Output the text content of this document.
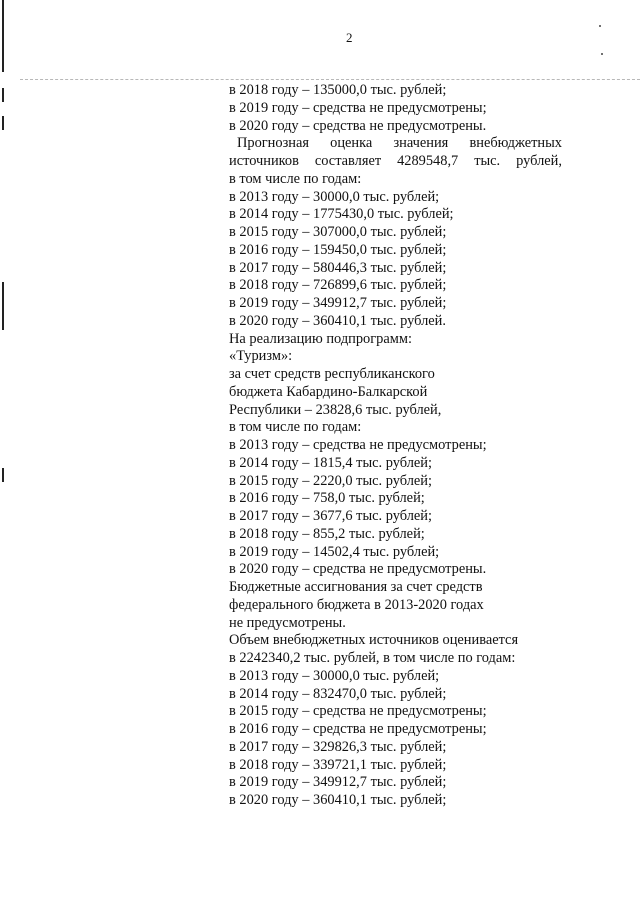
2
в 2018 году – 135000,0 тыс. рублей;
в 2019 году – средства не предусмотрены;
в 2020 году – средства не предусмотрены.
Прогнозная оценка значения внебюджетных
источников составляет 4289548,7 тыс. рублей,
в том числе по годам:
в 2013 году – 30000,0 тыс. рублей;
в 2014 году – 1775430,0 тыс. рублей;
в 2015 году – 307000,0 тыс. рублей;
в 2016 году – 159450,0 тыс. рублей;
в 2017 году – 580446,3 тыс. рублей;
в 2018 году – 726899,6 тыс. рублей;
в 2019 году – 349912,7 тыс. рублей;
в 2020 году – 360410,1 тыс. рублей.
На реализацию подпрограмм:
«Туризм»:
за счет средств республиканского
бюджета Кабардино-Балкарской
Республики – 23828,6 тыс. рублей,
в том числе по годам:
в 2013 году – средства не предусмотрены;
в 2014 году – 1815,4 тыс. рублей;
в 2015 году – 2220,0 тыс. рублей;
в 2016 году – 758,0 тыс. рублей;
в 2017 году – 3677,6 тыс. рублей;
в 2018 году – 855,2 тыс. рублей;
в 2019 году – 14502,4 тыс. рублей;
в 2020 году – средства не предусмотрены.
Бюджетные ассигнования за счет средств
федерального бюджета в 2013-2020 годах
не предусмотрены.
Объем внебюджетных источников оценивается
в 2242340,2 тыс. рублей, в том числе по годам:
в 2013 году – 30000,0 тыс. рублей;
в 2014 году – 832470,0 тыс. рублей;
в 2015 году – средства не предусмотрены;
в 2016 году – средства не предусмотрены;
в 2017 году – 329826,3 тыс. рублей;
в 2018 году – 339721,1 тыс. рублей;
в 2019 году – 349912,7 тыс. рублей;
в 2020 году – 360410,1 тыс. рублей;
